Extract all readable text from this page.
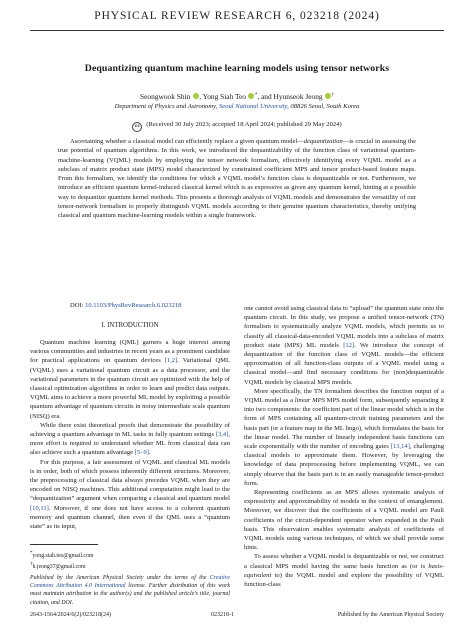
PHYSICAL REVIEW RESEARCH 6, 023218 (2024)
Dequantizing quantum machine learning models using tensor networks
Seongwook Shin , Yong Siah Teo *, and Hyunseok Jeong †
Department of Physics and Astronomy, Seoul National University, 08826 Seoul, South Korea
cc (Received 30 July 2023; accepted 18 April 2024; published 29 May 2024)

Ascertaining whether a classical model can efficiently replace a given quantum model—dequantization—is crucial in assessing the true potential of quantum algorithms. In this work, we introduced the dequantizability of the function class of variational quantum-machine-learning (VQML) models by employing the tensor network formalism, effectively identifying every VQML model as a subclass of matrix product state (MPS) model characterized by constrained coefficient MPS and tensor product-based feature maps. From this formalism, we identify the conditions for which a VQML model’s function class is dequantizable or not. Furthermore, we introduce an efficient quantum kernel-induced classical kernel which is as expressive as given any quantum kernel, hinting at a possible way to dequantize quantum kernel methods. This presents a thorough analysis of VQML models and demonstrates the versatility of our tensor-network formalism to properly distinguish VQML models according to their genuine quantum characteristics, thereby unifying classical and quantum machine-learning models within a single framework.

DOI: 10.1103/PhysRevResearch.6.023218
I. INTRODUCTION

Quantum machine learning (QML) garners a huge interest among various communities and industries in recent years as a prominent candidate for practical applications on quantum devices [1,2]. Variational QML (VQML) uses a variational quantum circuit as a data processor, and the variational parameters in the quantum circuit are optimized with the help of classical optimization algorithms in order to learn and predict data outputs. VQML aims to achieve a more powerful ML model by exploiting a possible quantum advantage of quantum circuits in noisy intermediate scale quantum (NISQ) era.

While there exist theoretical proofs that demonstrate the possibility of achieving a quantum advantage in ML tasks in fully quantum settings [3,4], more effort is required to understand whether ML from classical data can also achieve such a quantum advantage [5–9].

For this purpose, a fair assessment of VQML and classical ML models is in order, both of which possess inherently different structures. Moreover, the preprocessing of classical data always precedes VQML when they are encoded on NISQ machines. This additional computation might lead to the “dequantization” argument when comparing a classical and quantum model [10,11]. Moreover, if one does not have access to a coherent quantum memory and quantum channel, then even if the QML uses a “quantum state” as its input,

one cannot avoid using classical data to “upload” the quantum state onto the quantum circuit. In this study, we propose a unified tensor-network (TN) formalism to systematically analyze VQML models, which permits us to classify all classical-data-encoded VQML models into a subclass of matrix product state (MPS) ML models [12]. We introduce the concept of dequantization of the function class of VQML models—the efficient approximation of all function-class outputs of a VQML model using a classical model—and find necessary conditions for (non)dequantizable VQML models by classical MPS models.

More specifically, the TN formalism describes the function output of a VQML model as a linear MPS MPS model form, subsequently separating it into two components: the coefficient part of the linear model which is in the form of MPS containing all quantum-circuit training parameters and the basis part (or a feature map in the ML lingo), which formulates the basis for the linear model. The number of linearly independent basis functions can scale exponentially with the number of encoding gates [13,14], challenging classical models to approximate them. However, by leveraging the knowledge of data preprocessing before implementing VQML, we can simply observe that the basis part is in an easily manageable tensor-product form.

Representing coefficients as an MPS allows systematic analysis of expressivity and approximability of models in the context of entanglement. Moreover, we discover that the coefficients of a VQML model are Pauli coefficients of the circuit-dependent operator when expanded in the Pauli basis. This observation enables systematic analysis of coefficients of VQML models using various techniques, of which we shall provide some hints.

To assess whether a VQML model is dequantizable or not, we construct a classical MPS model having the same basis function as (or is basis-equivalent to) the VQML model and explore the possibility of VQML function-class

*yong.siah.teo@gmail.com
†h.jeong37@gmail.com

Published by the American Physical Society under the terms of the Creative Commons Attribution 4.0 International license. Further distribution of this work must maintain attribution to the author(s) and the published article’s title, journal citation, and DOI.

2643-1564/2024/6(2)/023218(24)	023218-1	Published by the American Physical Society
